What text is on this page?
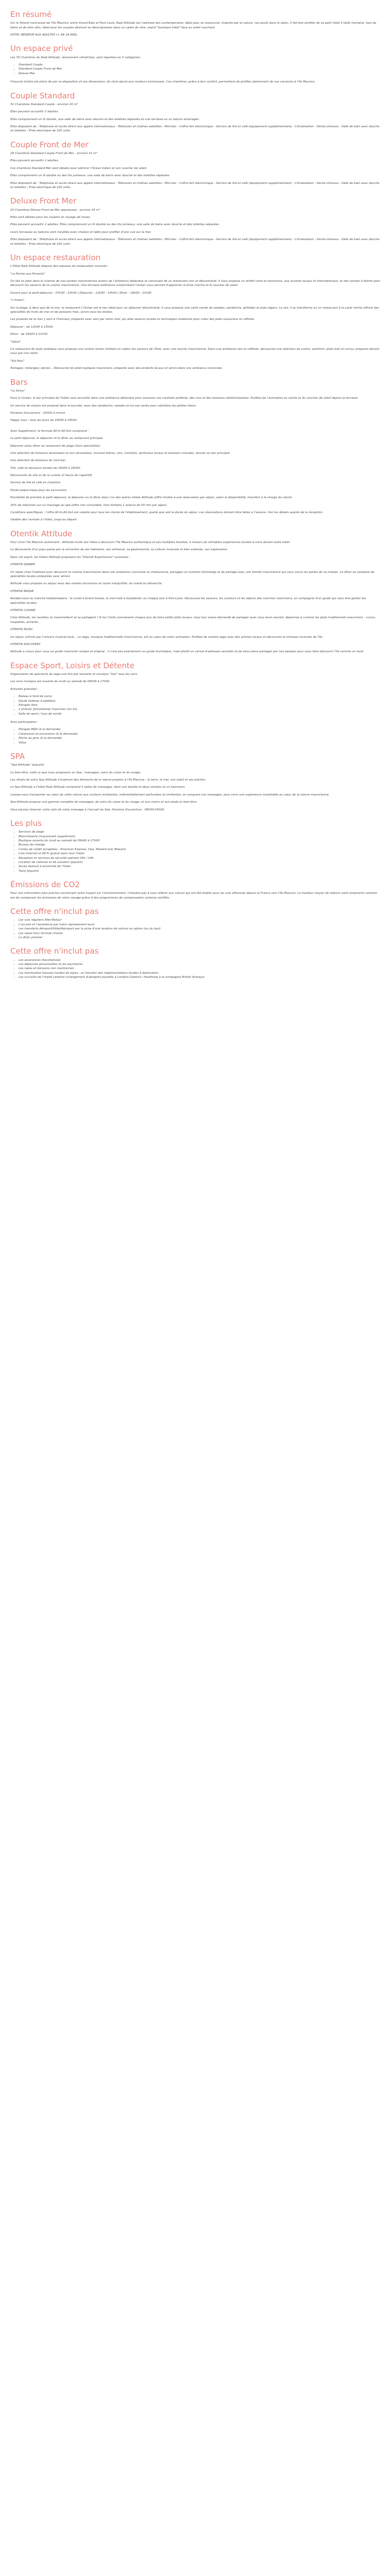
En résumé

Sur le littoral nord-ouest de l'île Maurice, entre Grand Baie et Pont Louis, Radi Attitude est l'adresse zen contemporaine, idéal pour se ressourcer, inspirée par la nature. Les poufs dans le salon, il fait bon profiter de sa petit hôtel à taille humaine, tout de blanc et de bois vêtu, idéal pour les couples désirant se décompresser dans un cadre de rêve, esprit "boutique hôtel" face au soleil couchant.

HÔTEL RÉSERVÉ AUX ADULTES (+ DE 18 ANS)

Un espace privé

Les 70 Chambres du Radi Attitude, récemment rafraîchies, sont réparties en 3 catégories :

• Standard Couple
• Standard Couple Front de Mer
• Deluxe Mer

Chacune d'elles est pièce de par sa disposition et ses dimensions, de style épuré aux couleurs lumineuses. Ces chambres, grâce à leur confort, permettent de profiter pleinement de vos vacances à l'île Maurice.

Couple Standard

31 Chambres Standard Couple - environ 20 m²

Elles peuvent accueillir 2 adultes.

Elles comprennent un lit double, une salle de bains avec douche et des toilettes séparées et une terrasse ou un balcon aménagés.

Elles disposent de : Téléphone et accès direct aux appels internationaux - Télévision et chaînes satellites - Mini-bar - Coffre-fort électronique - Service de thé et café (équipement supplémentaire) - Climatisation - Sèche-cheveux - Salle de bain avec douche et toilettes - Prise électrique de 220 volts.

Couple Front de Mer

29 Chambres Standard Couple Front de Mer - environ 21 m²

Elles peuvent accueillir 2 adultes.

Ces chambres Standard Mer sont idéales pour admirer l'Océan Indien et son coucher de soleil.

Elles comprennent un lit double ou des lits jumeaux, une salle de bains avec douche et des toilettes séparées.

Elles disposent de : Téléphone et accès direct aux appels internationaux - Télévision et chaînes satellites - Mini-bar - Coffre-fort électronique - Service de thé et café (équipement supplémentaire) - Climatisation - Sèche-cheveux - Salle de bain avec douche et toilettes - Prise électrique de 220 volts.

Deluxe Front Mer

10 Chambres Deluxe Front de Mer spacieuses - environ 25 m²

Elles sont idéales pour les couples en voyage de noces.

Elles peuvent accueillir 2 adultes. Elles comprennent un lit double ou des lits jumeaux, une salle de bains avec douche et des toilettes séparées.

Leurs terrasses ou balcons sont meublés avec chaises et table pour profiter d'une vue sur la mer.

Elles disposent de : Téléphone et accès direct aux appels internationaux - Télévision et chaînes satellites - Mini-bar - Coffre-fort électronique - Service de thé et café (équipement supplémentaire) - Climatisation - Sèche-cheveux - Salle de bain avec douche et toilettes - Prise électrique de 220 volts.

Un espace restauration

L'Hôtel Radi Attitude dispose des espaces de restauration suivants :

"La Pointe aux Piments"

On fait se jeter dans le charme de nos soirées mauriciennes autour de l'ambiance détendue et conviviale de ce restaurant chic et décontracté. Il vous propose un buffet varié et savoureux, aux accents locaux et internationaux, et des soirées à thème pour découvrir les saveurs de la cuisine mauricienne. Une terrasse extérieure surplombant l'océan vous permet d'apprécier la brise marine et le coucher de soleil.

Ouvert pour le petit-déjeuner : 07h30 - 10h30 | Déjeuner : 12h00 - 14h30 | Dîner : 19h00 - 21h30

"L'Océan"

Sur la plage, à deux pas de la mer, le restaurant L'Océan est le lieu idéal pour un déjeuner décontracté. Il vous propose une carte variée de salades, sandwichs, grillades et plats légers. Le soir, il se transforme en un restaurant à la carte intime offrant des spécialités de fruits de mer et de poissons frais, servis sous les étoiles.

Les produits de la mer y sont à l'honneur, préparés avec soin par notre chef, qui allie saveurs locales et techniques modernes pour créer des plats savoureux et raffinés.

Déjeuner : de 12h00 à 15h00

Dîner : de 19h00 à 21h30

"Sakai"

Ce restaurant de style asiatique vous propose une cuisine fusion mettant en valeur les saveurs de l'Asie, avec une touche mauricienne. Dans une ambiance zen et raffinée, découvrez une sélection de sushis, sashimis, plats wok et currys, préparés devant vous par nos chefs.

"Kot Nou"

Partagez, mélangez, épicez... Découvrez les plats typiques mauriciens, préparés avec des produits locaux et servis dans une ambiance conviviale.

Bars

"Le Sirius"

Face à l'océan, le bar principal de l'hôtel vous accueille dans une ambiance détendue pour savourer vos cocktails préférés, des vins et des boissons rafraîchissantes. Profitez de l'animation en soirée et du coucher de soleil depuis la terrasse.

Un service de snacks est proposé dans la journée, avec des sandwichs, salades et en-cas variés pour satisfaire les petites faims.

Horaires d'ouverture : 10h00 à minuit

Happy hour : tous les jours de 18h00 à 19h00.

Avec Supplément, la formule All-In-All-Out comprend :

Le petit déjeuner, le déjeuner et le dîner au restaurant principal.

Déjeuner et/ou dîner au restaurant de plage (hors spécialités).

Une sélection de boissons alcoolisées et non alcoolisées, incluant bières, vins, cocktails, spiritueux locaux et boissons chaudes, servies au bar principal.

Une sélection de boissons du mini-bar.

Thé, café et douceurs locales de 16h00 à 18h00.

Découverte du site et de la cuisine (L'heure de l'apéritif).

Service de thé et café en chambre.

Panier-pique-nique pour les excursions.

Possibilité de prendre le petit déjeuner, le déjeuner ou le dîner dans l'un des autres hôtels Attitude (offre limitée à une réservation par séjour, selon la disponibilité, transfert à la charge du client).

20% de réduction sur un massage au spa (offre non cumulable, hors forfaits) 1 séance de 50 min par séjour.

Conditions spécifiques : l'offre All-In-All-Out est valable pour tous les clients de l'établissement, quelle que soit la durée du séjour. Les réservations doivent être faites à l'avance. Voir les détails auprès de la réception.

Valable dès l'arrivée à l'hôtel, jusqu'au départ.

Otentik Attitude

Pour vivre l'île Maurice autrement : Attitude invite ses hôtes à découvrir l'île Maurice authentique et ses multiples facettes, à travers de véritables expériences locales à vivre durant votre hôtel.

La découverte d'un pays passe par la rencontre de ses habitants, son artisanat, sa gastronomie, sa culture musicale et bien entendu, son exploration.

Dans cet esprit, les hôtels Attitude proposent les "Otentik Expériences" suivantes :

OTENTIK DINNER

Un repas chez l'habitant pour découvrir la cuisine mauricienne dans une ambiance conviviale et chaleureuse, partagez un moment d'échange et de partage avec une famille mauricienne qui vous ouvre les portes de sa maison. Le dîner se compose de spécialités locales préparées avec amour.

Attitude vous propose un séjour avec des soirées exclusives en toute tranquillité, du mardi au dimanche.

OTENTIK BAZAR

Rendez-vous au marché hebdomadaire : le Lundi à Grand Gaube, le mercredi à Goodlands, ou chaque jour à Port-Louis. Découvrez les saveurs, les couleurs et les odeurs des marchés mauriciens, en compagnie d'un guide qui vous fera goûter les spécialités locales.

OTENTIK CUISINE

Chez Attitude, les recettes se transmettent et se partagent ! Si les Chefs connaissent chaque jour de bons petits plats locaux, nous leur avons demandé de partager avec vous leurs secrets. Apprenez à cuisiner les plats traditionnels mauriciens : currys, rougailles, achards...

OTENTIK MUSIC

Un séjour rythmé par l'univers musical local... Le séga, musique traditionnelle mauricienne, est au cœur de notre animation. Profitez de soirées séga avec des artistes locaux et découvrez la richesse musicale de l'île.

OTENTIK DISCOVERY

Attitude a conçu pour vous un guide mauricien unique et original : il n'est pas exactement un guide touristique, mais plutôt un carnet d'adresses secrètes et de bons plans partagés par nos équipes pour vous faire découvrir l'île comme un local.

Espace Sport, Loisirs et Détente

Organisation de spectacle de sega une fois par semaine et musique "live" tous les soirs.

Les sons musique est ouverte du lundi au samedi de 09h00 à 17h00.

Activités gratuites :

• Bateau à fond de verre
• Kayak (bateau à pédales)
• Plongée libre
• 1 précise (prestataire) mauricien (en 2x)
• Salle de sport / tous de sociét

Avec participation :

• Plongée PADI (à la demande)
• Catamaran et excursions (à la demande)
• Pêche au gros (à la demande)
• Vélos
SPA

"Spa Attitude" (payant)

Le bien-être, voilà ce que nous proposons au Spa : massages, soins du corps et du visage.

Les rituels de soins Spa Attitude s'inspirent des éléments de la nature propres à l'île Maurice : la terre, la mer, son soleil et ses plantes.

Le Spa Attitude a l'hôtel Radi Attitude comprend 3 salles de massages, dont une double et deux simples et un hammam.

Laissez-vous transporter au cœur de cette nature aux couleurs éclatantes, inébranlablement parfumées et vivifiantes, en essayant nos massages, pour vivre une expérience inoubliable au cœur de la nature mauricienne.

Spa Attitude propose une gamme complète de massages, de soins du corps et du visage, et aux mains et aux pieds et bien-être.

Vous pouvez réserver votre soin de votre massage à l'accueil du Spa. Horaires d'ouverture : 09h00-20h00.

Les plus
• Services de plage
• Blanchisserie (moyennant supplément)
• Boutique ouverte du lundi au samedi de 09h00 à 17h00
• Bureau de change
• Cartes de crédit acceptées : American Express, Visa, MasterCard, Maestro
• Coin Internet et Wi-Fi gratuit dans tout l'hôtel
• Réception et services de sécurité opérant 24h / 24h
• Location de voitures et de scooters (payant)
• Accès fauteuil à proximité de l'hôtel
• Taxis (payant)
Émissions de CO2

Pour une information plus précise concernant notre impact sur l'environnement, n'hésitez pas à vous référer aux calculs qui ont été établis pour les vols effectués depuis la France vers l'île Maurice. Le meilleur moyen de réduire votre empreinte carbone est de compenser les émissions de votre voyage grâce à des programmes de compensation carbone certifiés.

Cette offre n'inclut pas
• Les vols réguliers Aller-Retour
• L'accueil et l'assistance par notre représentant local
• Les transferts Aéroport/Hôtel/Aéroport par la prise d'une location de voiture en option (ou du taxi)
• Les repas hors formule choisie
• Le dîner premier
Cette offre n'inclut pas
• Les assurances (facultatives)
• Les dépenses personnelles et les pourboires
• Les repas et boissons non mentionnés
• Les éventuelles hausses locales de taxes : en fonction des réglementations locales à destination
• Les surcoûts de l'impôt carbone (changement d'aéroport possible à Londres Gatwick / Heathrow à la compagnie British Airways)
